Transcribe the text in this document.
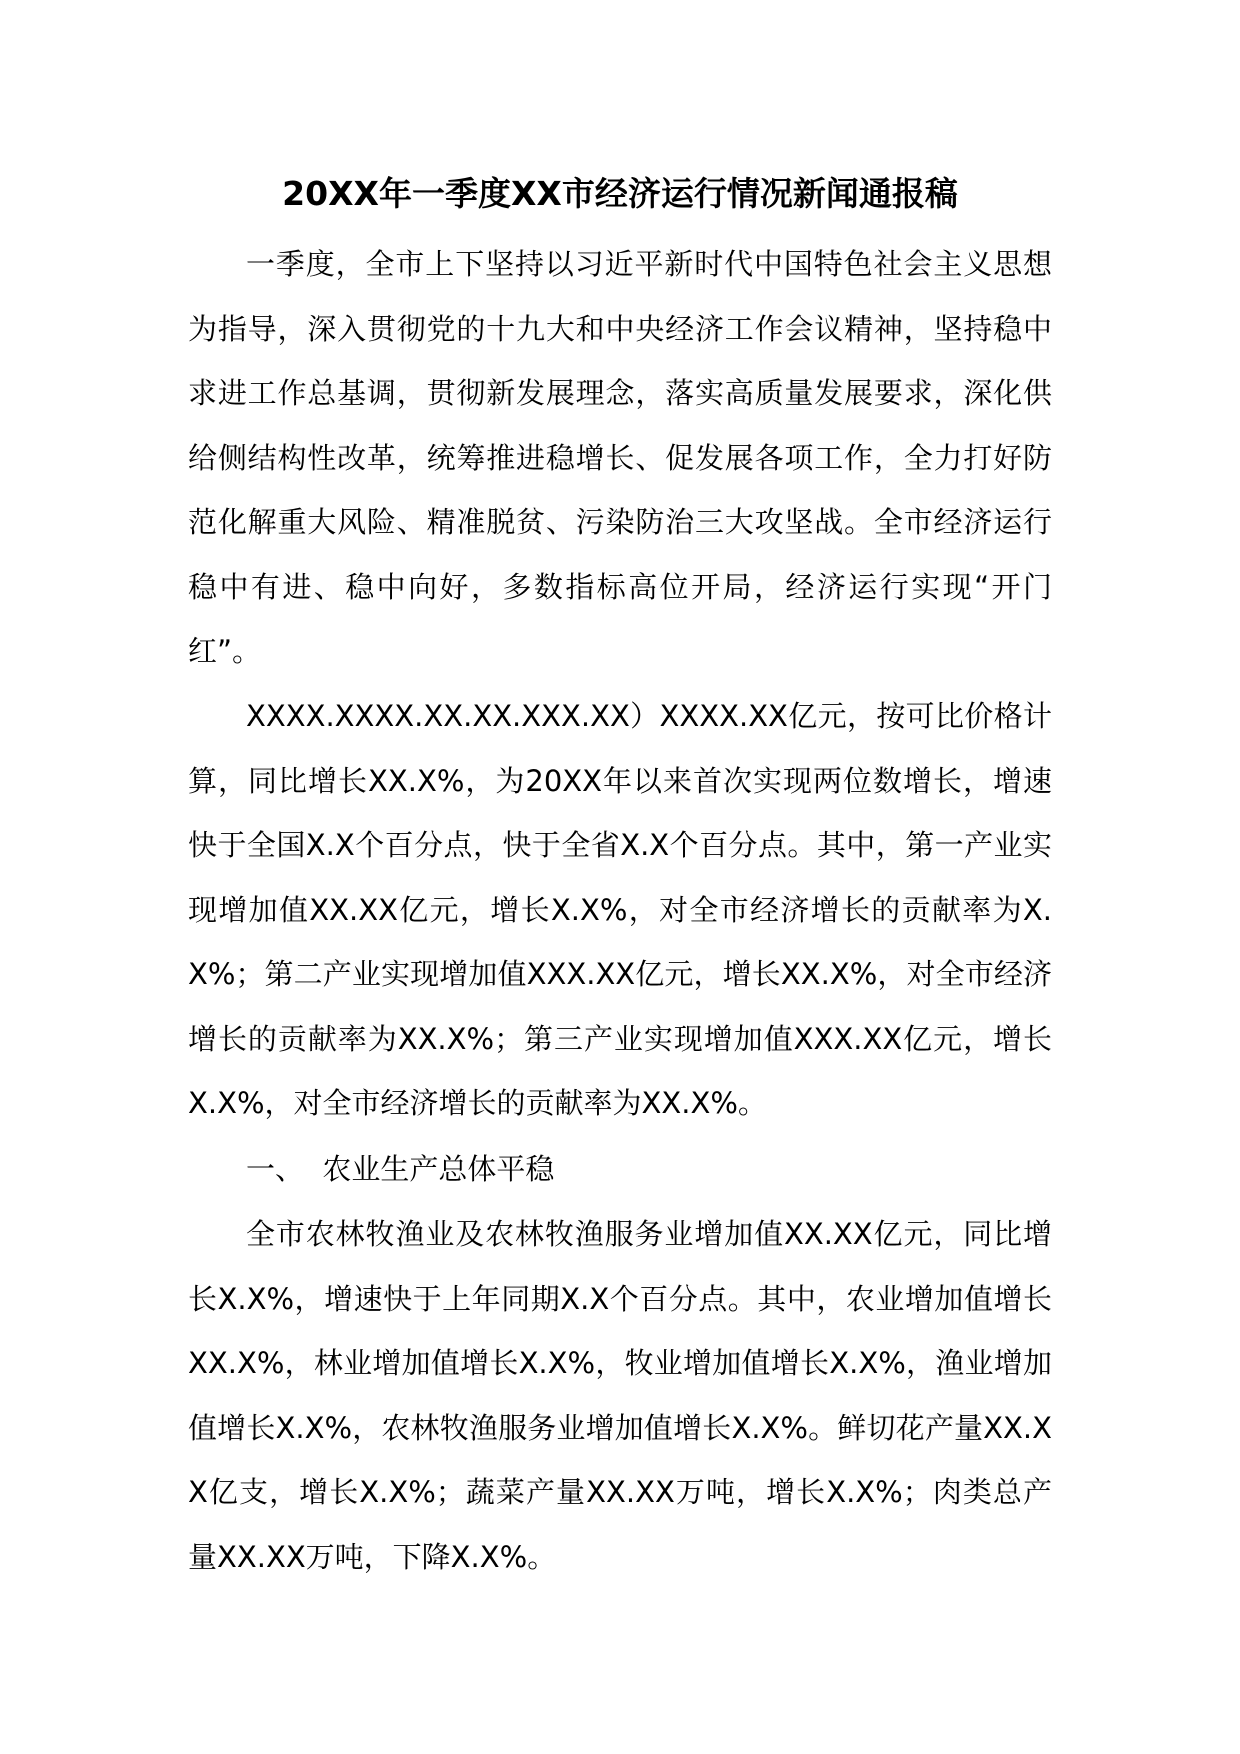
20XX年一季度XX市经济运行情况新闻通报稿

一季度，全市上下坚持以习近平新时代中国特色社会主义思想为指导，深入贯彻党的十九大和中央经济工作会议精神，坚持稳中求进工作总基调，贯彻新发展理念，落实高质量发展要求，深化供给侧结构性改革，统筹推进稳增长、促发展各项工作，全力打好防范化解重大风险、精准脱贫、污染防治三大攻坚战。全市经济运行稳中有进、稳中向好，多数指标高位开局，经济运行实现“开门红”。

XXXX.XXXX.XX.XX.XXX.XX）XXXX.XX亿元，按可比价格计算，同比增长XX.X%，为20XX年以来首次实现两位数增长，增速快于全国X.X个百分点，快于全省X.X个百分点。其中，第一产业实现增加值XX.XX亿元，增长X.X%，对全市经济增长的贡献率为X.X%；第二产业实现增加值XXX.XX亿元，增长XX.X%，对全市经济增长的贡献率为XX.X%；第三产业实现增加值XXX.XX亿元，增长X.X%，对全市经济增长的贡献率为XX.X%。

一、  农业生产总体平稳

全市农林牧渔业及农林牧渔服务业增加值XX.XX亿元，同比增长X.X%，增速快于上年同期X.X个百分点。其中，农业增加值增长XX.X%，林业增加值增长X.X%，牧业增加值增长X.X%，渔业增加值增长X.X%，农林牧渔服务业增加值增长X.X%。鲜切花产量XX.XX亿支，增长X.X%；蔬菜产量XX.XX万吨，增长X.X%；肉类总产量XX.XX万吨，下降X.X%。
